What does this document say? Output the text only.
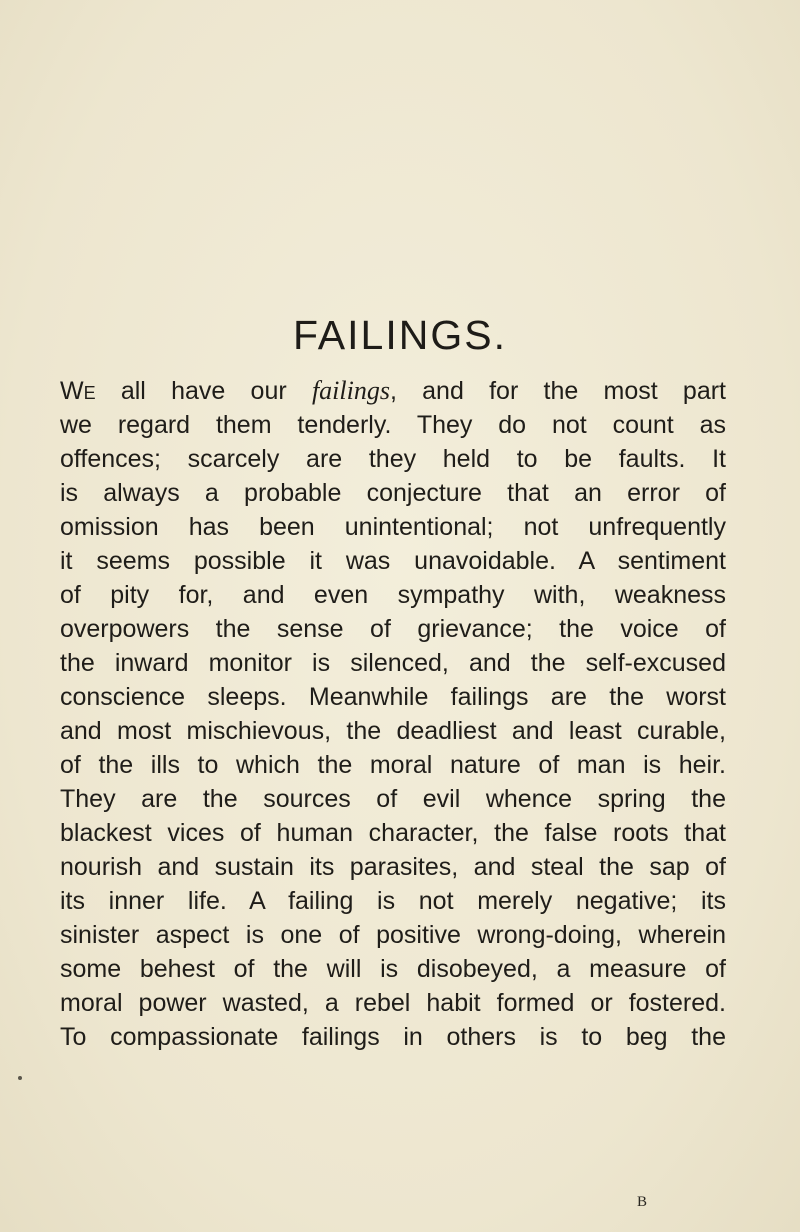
FAILINGS.
We all have our failings, and for the most part
we regard them tenderly. They do not count as
offences; scarcely are they held to be faults. It
is always a probable conjecture that an error of
omission has been unintentional; not unfrequently
it seems possible it was unavoidable. A sentiment
of pity for, and even sympathy with, weakness
overpowers the sense of grievance; the voice of
the inward monitor is silenced, and the self-excused
conscience sleeps. Meanwhile failings are the worst
and most mischievous, the deadliest and least curable,
of the ills to which the moral nature of man is heir.
They are the sources of evil whence spring the
blackest vices of human character, the false roots that
nourish and sustain its parasites, and steal the sap of
its inner life. A failing is not merely negative; its
sinister aspect is one of positive wrong-doing, wherein
some behest of the will is disobeyed, a measure of
moral power wasted, a rebel habit formed or fostered.
To compassionate failings in others is to beg the
B
